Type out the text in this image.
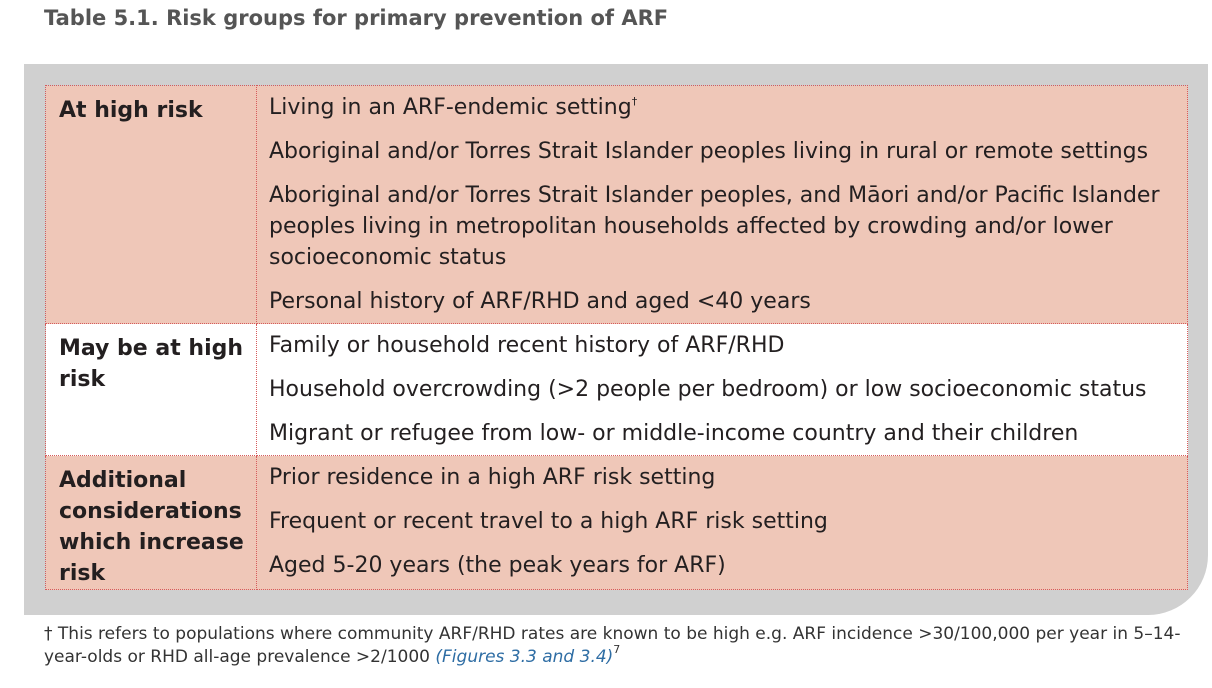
Table 5.1. Risk groups for primary prevention of ARF
At high risk	Living in an ARF-endemic setting†
Aboriginal and/or Torres Strait Islander peoples living in rural or remote settings
Aboriginal and/or Torres Strait Islander peoples, and Māori and/or Pacific Islander peoples living in metropolitan households affected by crowding and/or lower socioeconomic status
Personal history of ARF/RHD and aged <40 years

May be at high risk	Family or household recent history of ARF/RHD
Household overcrowding (>2 people per bedroom) or low socioeconomic status
Migrant or refugee from low- or middle-income country and their children

Additional considerations which increase risk	Prior residence in a high ARF risk setting
Frequent or recent travel to a high ARF risk setting
Aged 5-20 years (the peak years for ARF)
† This refers to populations where community ARF/RHD rates are known to be high e.g. ARF incidence >30/100,000 per year in 5–14-year-olds or RHD all-age prevalence >2/1000 (Figures 3.3 and 3.4)$^7$
